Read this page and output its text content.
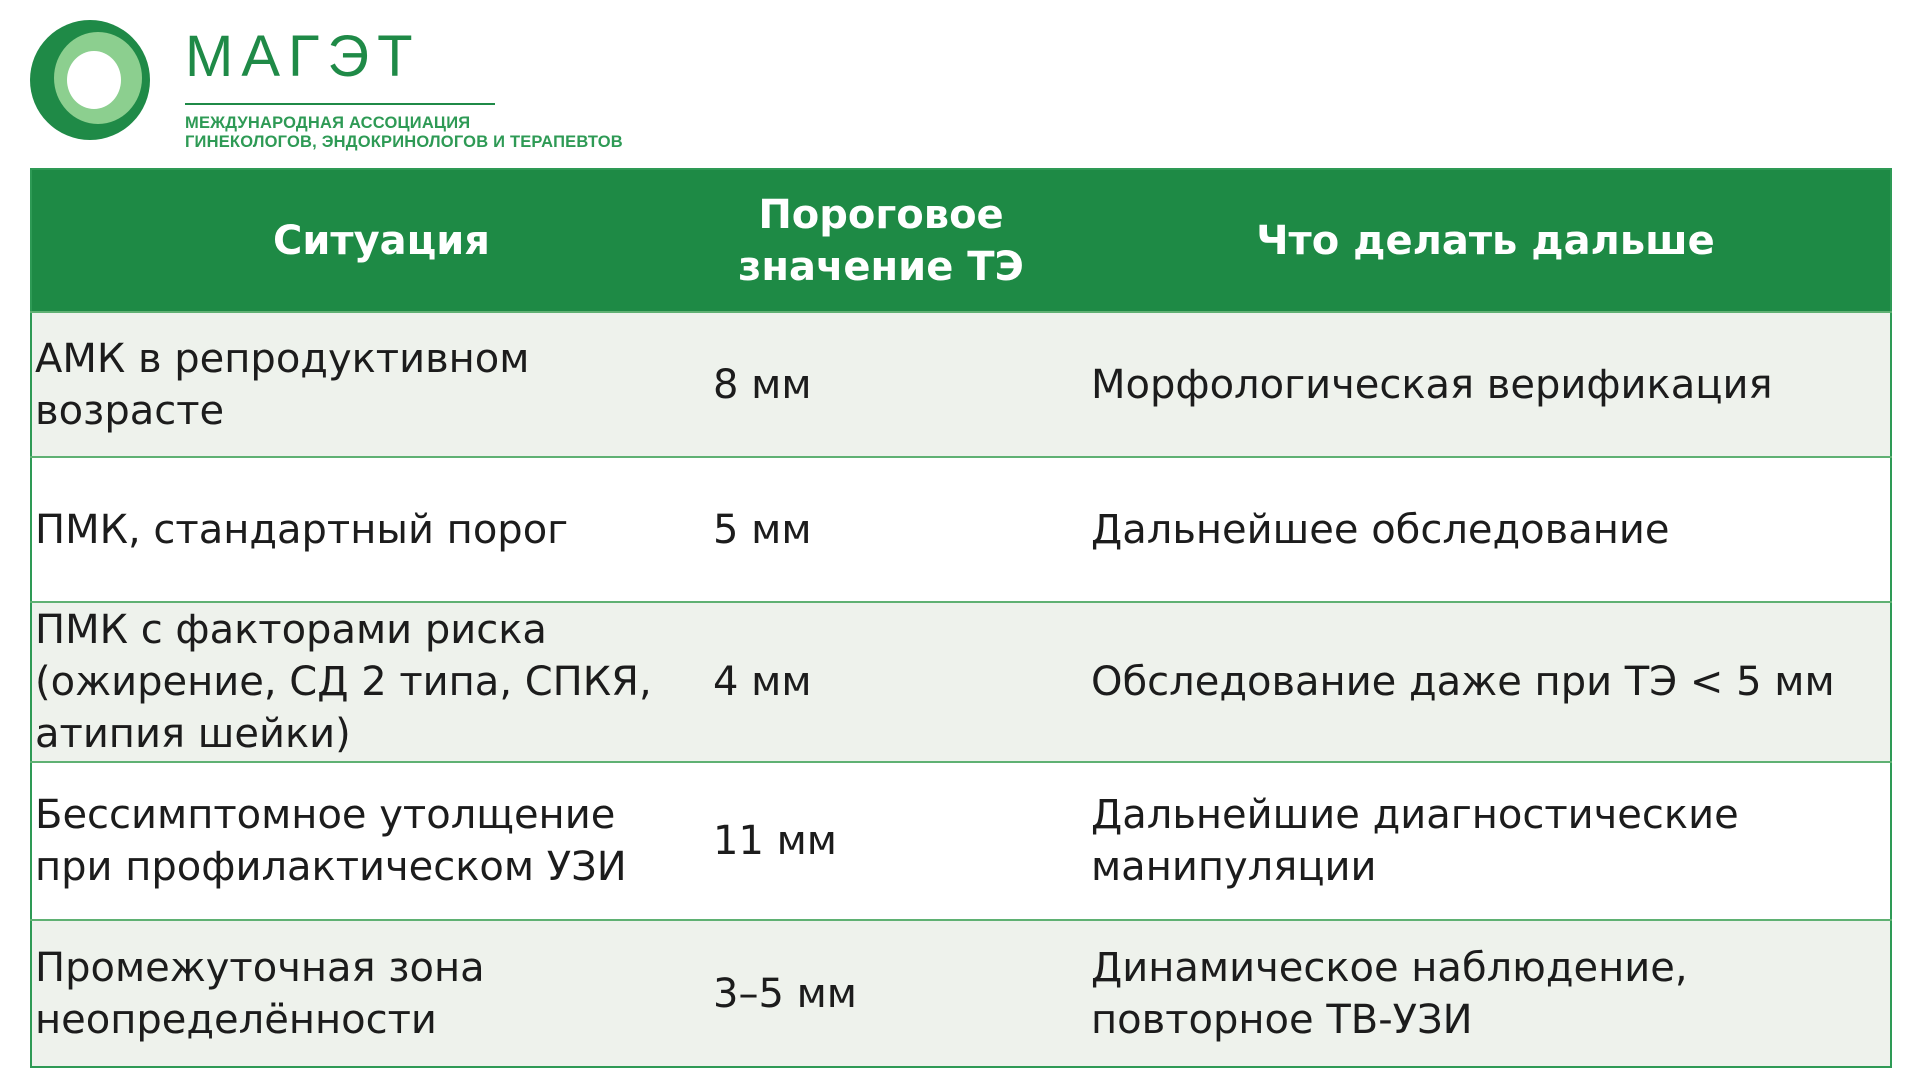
МАГЭТ
МЕЖДУНАРОДНАЯ АССОЦИАЦИЯ
ГИНЕКОЛОГОВ, ЭНДОКРИНОЛОГОВ И ТЕРАПЕВТОВ
Ситуация	Пороговое значение ТЭ	Что делать дальше
АМК в репродуктивном возрасте	8 мм	Морфологическая верификация
ПМК, стандартный порог	5 мм	Дальнейшее обследование
ПМК с факторами риска (ожирение, СД 2 типа, СПКЯ, атипия шейки)	4 мм	Обследование даже при ТЭ < 5 мм
Бессимптомное утолщение при профилактическом УЗИ	11 мм	Дальнейшие диагностические манипуляции
Промежуточная зона неопределённости	3–5 мм	Динамическое наблюдение, повторное ТВ-УЗИ
